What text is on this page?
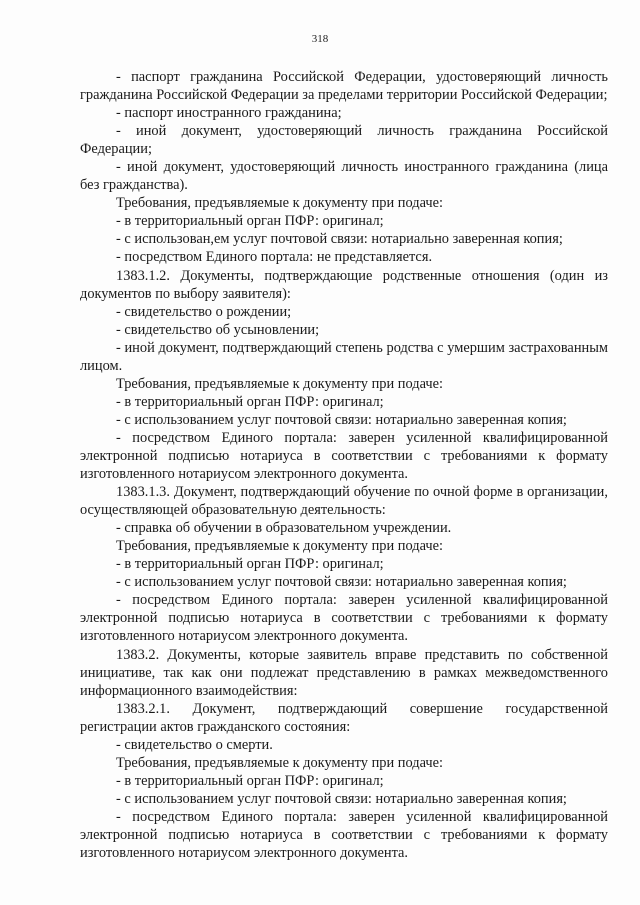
318

- паспорт гражданина Российской Федерации, удостоверяющий личность гражданина Российской Федерации за пределами территории Российской Федерации;

- паспорт иностранного гражданина;

- иной документ, удостоверяющий личность гражданина Российской Федерации;

- иной документ, удостоверяющий личность иностранного гражданина (лица без гражданства).

Требования, предъявляемые к документу при подаче:

- в территориальный орган ПФР: оригинал;

- с использован,ем услуг почтовой связи: нотариально заверенная копия;

- посредством Единого портала: не представляется.

1383.1.2. Документы, подтверждающие родственные отношения (один из документов по выбору заявителя):

- свидетельство о рождении;

- свидетельство об усыновлении;

- иной документ, подтверждающий степень родства с умершим застрахованным лицом.

Требования, предъявляемые к документу при подаче:

- в территориальный орган ПФР: оригинал;

- с использованием услуг почтовой связи: нотариально заверенная копия;

- посредством Единого портала: заверен усиленной квалифицированной электронной подписью нотариуса в соответствии с требованиями к формату изготовленного нотариусом электронного документа.

1383.1.3. Документ, подтверждающий обучение по очной форме в организации, осуществляющей образовательную деятельность:

- справка об обучении в образовательном учреждении.

Требования, предъявляемые к документу при подаче:

- в территориальный орган ПФР: оригинал;

- с использованием услуг почтовой связи: нотариально заверенная копия;

- посредством Единого портала: заверен усиленной квалифицированной электронной подписью нотариуса в соответствии с требованиями к формату изготовленного нотариусом электронного документа.

1383.2. Документы, которые заявитель вправе представить по собственной инициативе, так как они подлежат представлению в рамках межведомственного информационного взаимодействия:

1383.2.1. Документ, подтверждающий совершение государственной регистрации актов гражданского состояния:

- свидетельство о смерти.

Требования, предъявляемые к документу при подаче:

- в территориальный орган ПФР: оригинал;

- с использованием услуг почтовой связи: нотариально заверенная копия;

- посредством Единого портала: заверен усиленной квалифицированной электронной подписью нотариуса в соответствии с требованиями к формату изготовленного нотариусом электронного документа.
